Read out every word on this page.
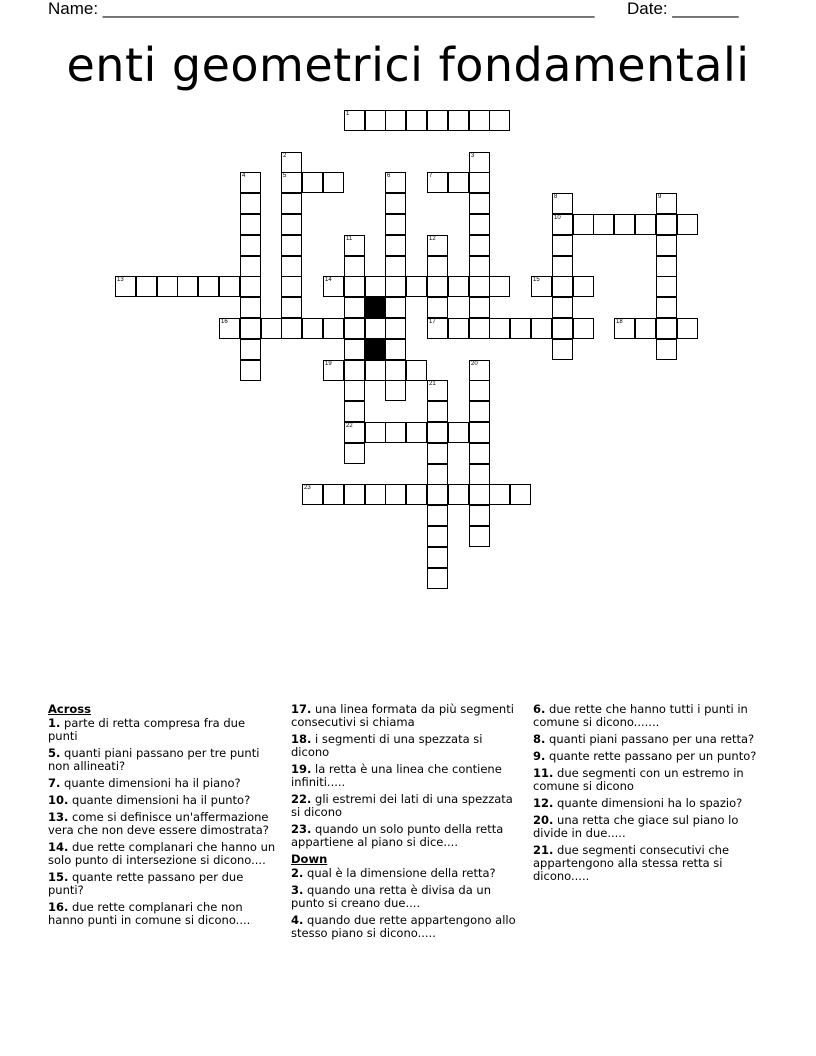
Name: ____________________________________________________ Date: _______
enti geometrici fondamentali
1
2
5
3
4	6	7
8
10
9
11
22
12
13	14	15
16	17	18
19	20
21
23
Across
1. parte di retta compresa fra due punti
5. quanti piani passano per tre punti non allineati?
7. quante dimensioni ha il piano?
10. quante dimensioni ha il punto?
13. come si definisce un'affermazione vera che non deve essere dimostrata?
14. due rette complanari che hanno un solo punto di intersezione si dicono....
15. quante rette passano per due punti?
16. due rette complanari che non hanno punti in comune si dicono....
17. una linea formata da più segmenti consecutivi si chiama
18. i segmenti di una spezzata si dicono
19. la retta è una linea che contiene infiniti.....
22. gli estremi dei lati di una spezzata si dicono
23. quando un solo punto della retta appartiene al piano si dice....
Down
2. qual è la dimensione della retta?
3. quando una retta è divisa da un punto si creano due....
4. quando due rette appartengono allo stesso piano si dicono.....
6. due rette che hanno tutti i punti in comune si dicono.......
8. quanti piani passano per una retta?
9. quante rette passano per un punto?
11. due segmenti con un estremo in comune si dicono
12. quante dimensioni ha lo spazio?
20. una retta che giace sul piano lo divide in due.....
21. due segmenti consecutivi che appartengono alla stessa retta si dicono.....
